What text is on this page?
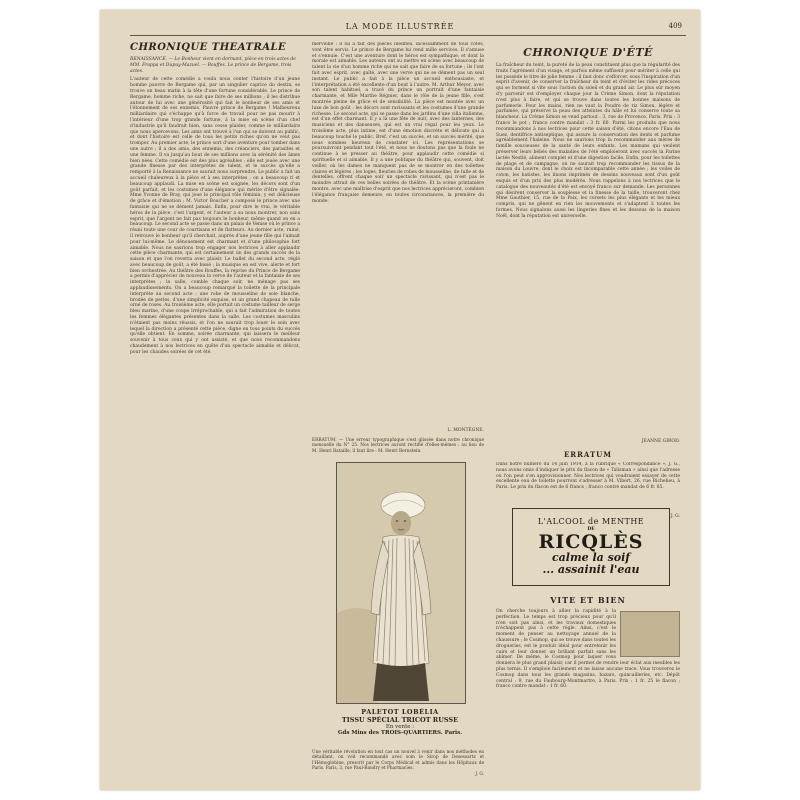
LA MODE ILLUSTRÉE	409
CHRONIQUE THÉATRALE

RENAISSANCE. — Le Bonheur vient en dormant, pièce en trois actes de MM. Frappa et Dupuy-Mazuel. — Bouffes. Le prince de Bergame, trois actes.

L'auteur de cette comédie a voulu nous conter l'histoire d'un jeune homme pauvre de Bergame qui, par un singulier caprice du destin, se trouve un beau matin à la tête d'une fortune considérable. Le prince de Bergame, homme riche, ne sait que faire de ses millions ; il les distribue autour de lui avec une générosité qui fait le bonheur de ses amis et l'étonnement de ses ennemis. Pauvre prince de Bergame ! Malheureux milliardaire qui s'échappe qu'à force de travail pour ne pas mourir à l'intérieur d'une trop grande fortune, à la mise en scène d'un chef d'industrie qu'il faudrait bien, sans cesse plaider, comme le milliardaire que nous apercevons. Les amis ont trouvé à l'un qui se doivent au public, et dont l'histoire est celle de tous les petits riches qu'on ne veut pas tromper. Au premier acte, le prince sort d'une aventure pour tomber dans une autre ; il a des amis, des ennemis, des créanciers, des parasites et une femme. Il va jusqu'au bout de ses millions avec la sérénité des âmes bien nées. Cette comédie est des plus agréables ; elle est jouée avec une grande finesse par des interprètes de talent, et le succès qu'elle a remporté à la Renaissance ne saurait nous surprendre. Le public a fait un accueil chaleureux à la pièce et à ses interprètes ; on a beaucoup ri et beaucoup applaudi. La mise en scène est soignée, les décors sont d'un goût parfait, et les costumes d'une élégance qui mérite d'être signalée. Mme Yvonne de Bray, qui joue le principal rôle féminin, y est délicieuse de grâce et d'émotion ; M. Victor Boucher a composé le prince avec une fantaisie qui ne se dément jamais. Enfin, pour dire le vrai, le véritable héros de la pièce, c'est l'argent, et l'auteur a su nous montrer, non sans esprit, que l'argent ne fait pas toujours le bonheur, même quand on en a beaucoup. Le second acte se passe dans un palais de Venise où le prince a réuni toute une cour de courtisans et de flatteurs. Au dernier acte, ruiné, il retrouve le bonheur qu'il cherchait, auprès d'une jeune fille qui l'aimait pour lui-même. Le dénouement est charmant et d'une philosophie fort aimable. Nous ne saurions trop engager nos lectrices à aller applaudir cette pièce charmante, qui est certainement un des grands succès de la saison et que l'on reverra avec plaisir. Le ballet du second acte, réglé avec beaucoup de goût, a été bissé ; la musique en est vive, alerte et fort bien orchestrée. Au théâtre des Bouffes, la reprise du Prince de Bergame a permis d'apprécier de nouveau la verve de l'auteur et la fantaisie de ses interprètes ; la salle, comble chaque soir, ne ménage pas ses applaudissements. On a beaucoup remarqué la toilette de la principale interprète au second acte : une robe de mousseline de soie blanche, brodée de perles, d'une simplicité exquise, et un grand chapeau de tulle orné de roses. Au troisième acte, elle portait un costume tailleur de serge bleu marine, d'une coupe irréprochable, qui a fait l'admiration de toutes les femmes élégantes présentes dans la salle. Les costumes masculins n'étaient pas moins réussis, et l'on ne saurait trop louer le soin avec lequel la direction a présenté cette pièce, digne en tous points du succès qu'elle obtient. En somme, soirée charmante, qui laissera le meilleur souvenir à tous ceux qui y ont assisté, et que nous recommandons chaudement à nos lectrices en quête d'un spectacle aimable et délicat, pour les chaudes soirées de cet été.

merveille : il lui a fait des pièces inédites, incessamment de tous côtés, vont être servis. Le prince de Bergame lui rend mille services. Il s'amuse et s'ennuie. C'est une aventure dont le héros est sympathique, et dont la morale est aimable. Les auteurs ont su mettre en scène avec beaucoup de talent la vie d'un homme riche qui ne sait que faire de sa fortune ; ils l'ont fait avec esprit, avec gaîté, avec une verve qui ne se dément pas un seul instant. Le public a fait à la pièce un accueil enthousiaste, et l'interprétation a été excellente d'un bout à l'autre. M. Arthur Meyer, avec son talent habituel, a tracé du prince un portrait d'une fantaisie charmante, et Mlle Marthe Régnier, dans le rôle de la jeune fille, s'est montrée pleine de grâce et de sensibilité. La pièce est montée avec un luxe de bon goût ; les décors sont ravissants et les costumes d'une grande richesse. Le second acte, qui se passe dans les jardins d'une villa italienne, est d'un effet charmant. Il y a là une fête de nuit, avec des lanternes, des musiciens et des danseuses, qui est un vrai régal pour les yeux. Le troisième acte, plus intime, est d'une émotion discrète et délicate qui a beaucoup touché le public. Bref, c'est un succès, et un succès mérité, que nous sommes heureux de constater ici. Les représentations se poursuivront pendant tout l'été, et nous ne doutons pas que la foule ne continue à se presser au théâtre, pour applaudir cette comédie si spirituelle et si aimable. Il y a une politique du théâtre qui, souvent, doit veiller, où les dames ne manquent pas de se montrer en des toilettes claires et légères ; les loges, fleuries de robes de mousseline, de tulle et de dentelles, offrent chaque soir un spectacle ravissant, qui n'est pas le moindre attrait de ces belles soirées de théâtre. Et la scène printanière montre, avec une maîtrise d'esprit que nos lectrices apprécieront, combien l'élégance française demeure, en toutes circonstances, la première du monde.

L. MONTÉGNE.
ERRATUM. — Une erreur typographique s'est glissée dans notre chronique mensuelle du N° 25. Nos lectrices auront rectifié d'elles-mêmes : au lieu de M. Henri Bataille, il faut lire : M. Henri Bernstein.
PALETOT LOBÉLIA
TISSU SPÉCIAL TRICOT RUSSE
En vente :
Gds Mins des TROIS-QUARTIERS. Paris.
Une véritable révolution en tout cas un nouvel à venir dans nos méthodes en détaillant, on voit recommandé avec soin le Sirop de Desessartz et l'Hémoglobine, prescrit par le Corps Médical et admis dans les Hôpitaux de Paris. Paris, 3, rue Paul-Baudry et Pharmacies.
J. G.
CHRONIQUE D'ÉTÉ

La fraîcheur du teint, la pureté de la peau constituent plus que la régularité des traits l'agrément d'un visage, et parfois même suffisent pour mériter à celle qui les possède le titre de jolie femme : il faut donc s'efforcer, sous l'inspiration d'un esprit d'avenir, de conserver la fraîcheur du teint et d'éviter les rides précoces qui se forment si vite sous l'action du soleil et du grand air. Le plus sûr moyen d'y parvenir est d'employer chaque jour la Crème Simon, dont la réputation n'est plus à faire, et qui se trouve dans toutes les bonnes maisons de parfumerie. Pour les mains, rien ne vaut la Poudre de riz Simon, légère et parfumée, qui préserve la peau des atteintes du hâle et lui conserve toute sa blancheur. La Crème Simon se vend partout : 3, rue de Provence, Paris. Prix : 3 francs le pot ; franco contre mandat : 3 fr. 60. Parmi les produits que nous recommandons à nos lectrices pour cette saison d'été, citons encore l'Eau de Suez, dentifrice antiseptique, qui assure la conservation des dents et parfume agréablement l'haleine. Nous ne saurions trop la recommander aux mères de famille soucieuses de la santé de leurs enfants. Les mamans qui veulent préserver leurs bébés des maladies de l'été emploieront avec succès la Farine lactée Nestlé, aliment complet et d'une digestion facile. Enfin, pour les toilettes de plage et de campagne, on ne saurait trop recommander les tissus de la maison du Louvre, dont le choix est incomparable cette année ; les voiles de coton, les batistes, les linons imprimés de dessins nouveaux sont d'un goût exquis et d'un prix des plus modérés. Nous rappelons à nos lectrices que le catalogue des nouveautés d'été est envoyé franco sur demande. Les personnes qui désirent conserver la souplesse et la finesse de la taille, trouveront chez Mme Gauthier, 15, rue de la Paix, les corsets les plus élégants et les mieux compris, qui ne gênent en rien les mouvements et s'adaptent à toutes les formes. Nous signalons aussi les lingeries fines et les dessous de la maison Noël, dont la réputation est universelle.

JEANNE GIROD.
ERRATUM

Dans notre numéro du 14 juin 1914, à la rubrique « Correspondance », J. G., nous avons omis d'indiquer le prix du flacon de « Talisman » ainsi que l'adresse où l'on peut s'en approvisionner. Nos lectrices qui voudraient essayer de cette excellente eau de toilette pourront s'adresser à M. Vibert, 26, rue Richelieu, à Paris. Le prix du flacon est de 6 francs ; franco contre mandat de 6 fr. 85.

J. G.
L'ALCOOL de MENTHE
DE
RICQLÈS
calme la soif
... assainit l'eau
VITE ET BIEN

On cherche toujours à allier la rapidité à la perfection. Le temps est trop précieux pour qu'il n'en soit pas ainsi, et les travaux domestiques n'échappent pas à cette règle. Ainsi, c'est le moment de penser au nettoyage annuel de la chaussure ; le Cosmop, qui se trouve dans toutes les drogueries, est le produit idéal pour entretenir les cuirs et leur donner un brillant parfait sans les abîmer. De même, le Cosmop pour laquer vous donnera le plus grand plaisir, car il permet de rendre leur éclat aux meubles les plus ternis. Il s'emploie facilement et ne laisse aucune trace. Vous trouverez le Cosmop dans tous les grands magasins, bazars, quincailleries, etc. Dépôt central : 9, rue du Faubourg-Montmartre, à Paris. Prix : 1 fr. 25 le flacon ; franco contre mandat : 1 fr. 60.
